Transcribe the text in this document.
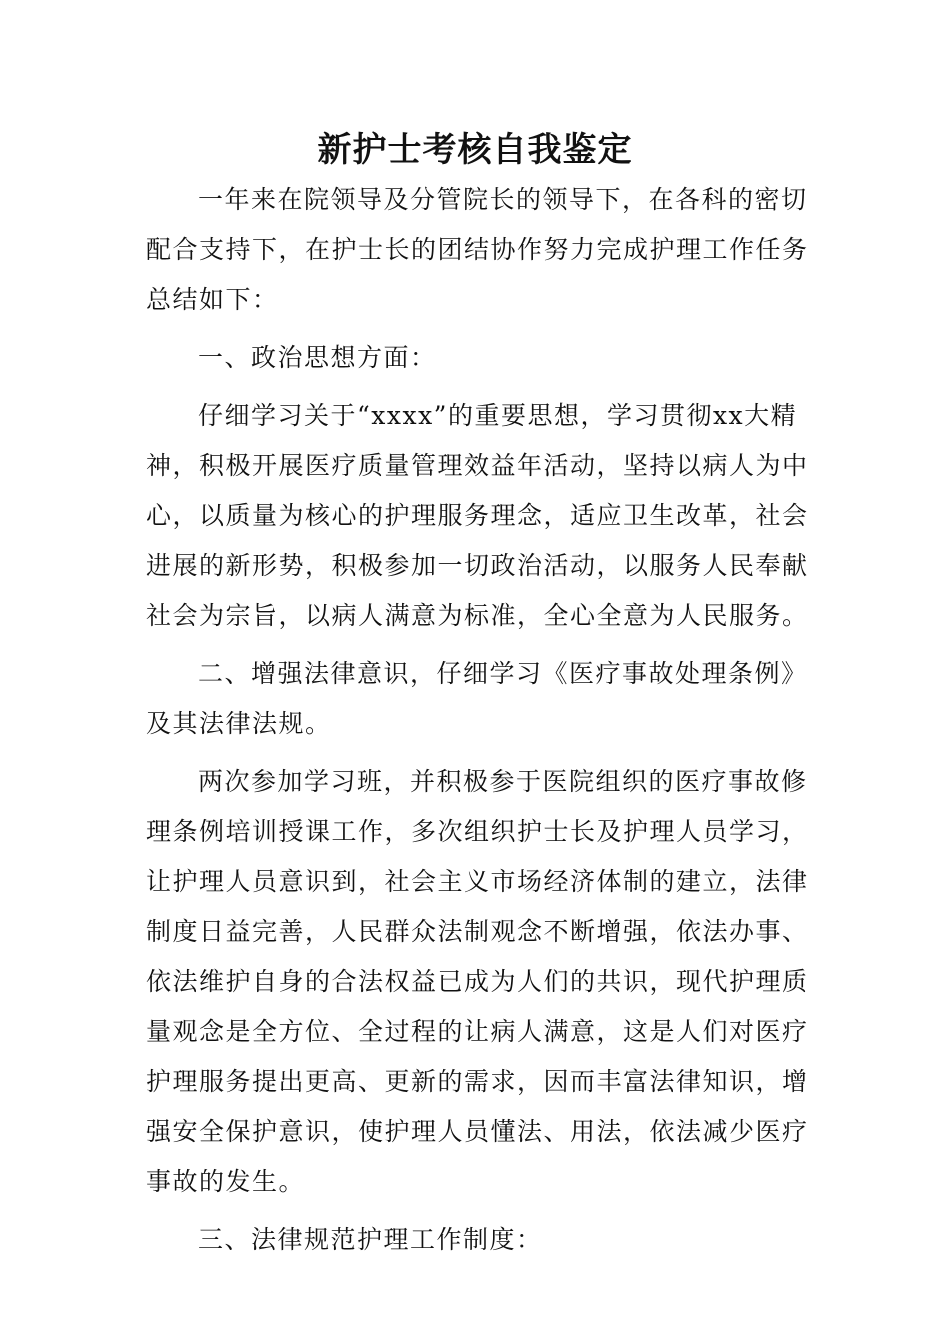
新护士考核自我鉴定
一年来在院领导及分管院长的领导下，在各科的密切
配合支持下，在护士长的团结协作努力完成护理工作任务
总结如下：
一、政治思想方面：
仔细学习关于“xxxx”的重要思想，学习贯彻xx大精
神，积极开展医疗质量管理效益年活动，坚持以病人为中
心，以质量为核心的护理服务理念，适应卫生改革，社会
进展的新形势，积极参加一切政治活动，以服务人民奉献
社会为宗旨，以病人满意为标准，全心全意为人民服务。
二、增强法律意识，仔细学习《医疗事故处理条例》
及其法律法规。
两次参加学习班，并积极参于医院组织的医疗事故修
理条例培训授课工作，多次组织护士长及护理人员学习，
让护理人员意识到，社会主义市场经济体制的建立，法律
制度日益完善，人民群众法制观念不断增强，依法办事、
依法维护自身的合法权益已成为人们的共识，现代护理质
量观念是全方位、全过程的让病人满意，这是人们对医疗
护理服务提出更高、更新的需求，因而丰富法律知识，增
强安全保护意识，使护理人员懂法、用法，依法减少医疗
事故的发生。
三、法律规范护理工作制度：
